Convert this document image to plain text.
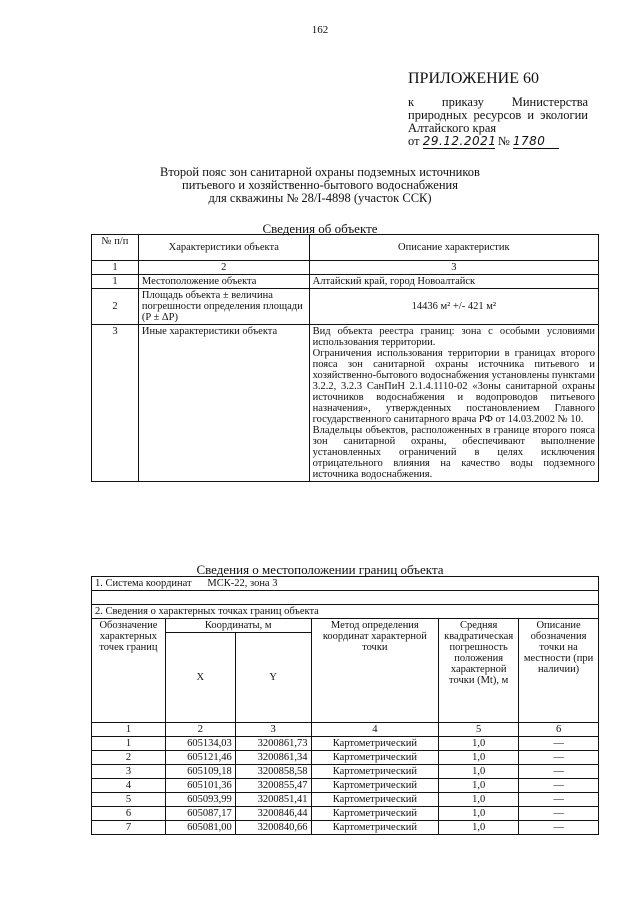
162
ПРИЛОЖЕНИЕ 60
к приказу Министерства природных ресурсов и экологии Алтайского края
от 29.12.2021 № 1780
Второй пояс зон санитарной охраны подземных источников
питьевого и хозяйственно-бытового водоснабжения
для скважины № 28/I-4898 (участок ССК)
Сведения об объекте
№ п/п	Характеристики объекта	Описание характеристик
1	2	3
1	Местоположение объекта	Алтайский край, город Новоалтайск
2	Площадь объекта ± величина погрешности определения площади (P ± ΔP)	14436 м² +/- 421 м²
3	Иные характеристики объекта	Вид объекта реестра границ: зона с особыми условиями использования территории.

Ограничения использования территории в границах второго пояса зон санитарной охраны источника питьевого и хозяйственно-бытового водоснабжения установлены пунктами 3.2.2, 3.2.3 СанПиН 2.1.4.1110-02 «Зоны санитарной охраны источников водоснабжения и водопроводов питьевого назначения», утвержденных постановлением Главного государственного санитарного врача РФ от 14.03.2002 № 10.

Владельцы объектов, расположенных в границе второго пояса зон санитарной охраны, обеспечивают выполнение установленных ограничений в целях исключения отрицательного влияния на качество воды подземного источника водоснабжения.

Сведения о местоположении границ объекта
1. Система координат МСК-22, зона 3					

2. Сведения о характерных точках границ объекта					
Обозначение характерных точек границ	Координаты, м		Метод определения координат характерной точки	Средняя квадратическая погрешность положения характерной точки (Mt), м	Описание обозначения точки на местности (при наличии)
	X	Y			
1	2	3	4	5	6
1	605134,03	3200861,73	Картометрический	1,0	—
2	605121,46	3200861,34	Картометрический	1,0	—
3	605109,18	3200858,58	Картометрический	1,0	—
4	605101,36	3200855,47	Картометрический	1,0	—
5	605093,99	3200851,41	Картометрический	1,0	—
6	605087,17	3200846,44	Картометрический	1,0	—
7	605081,00	3200840,66	Картометрический	1,0	—
